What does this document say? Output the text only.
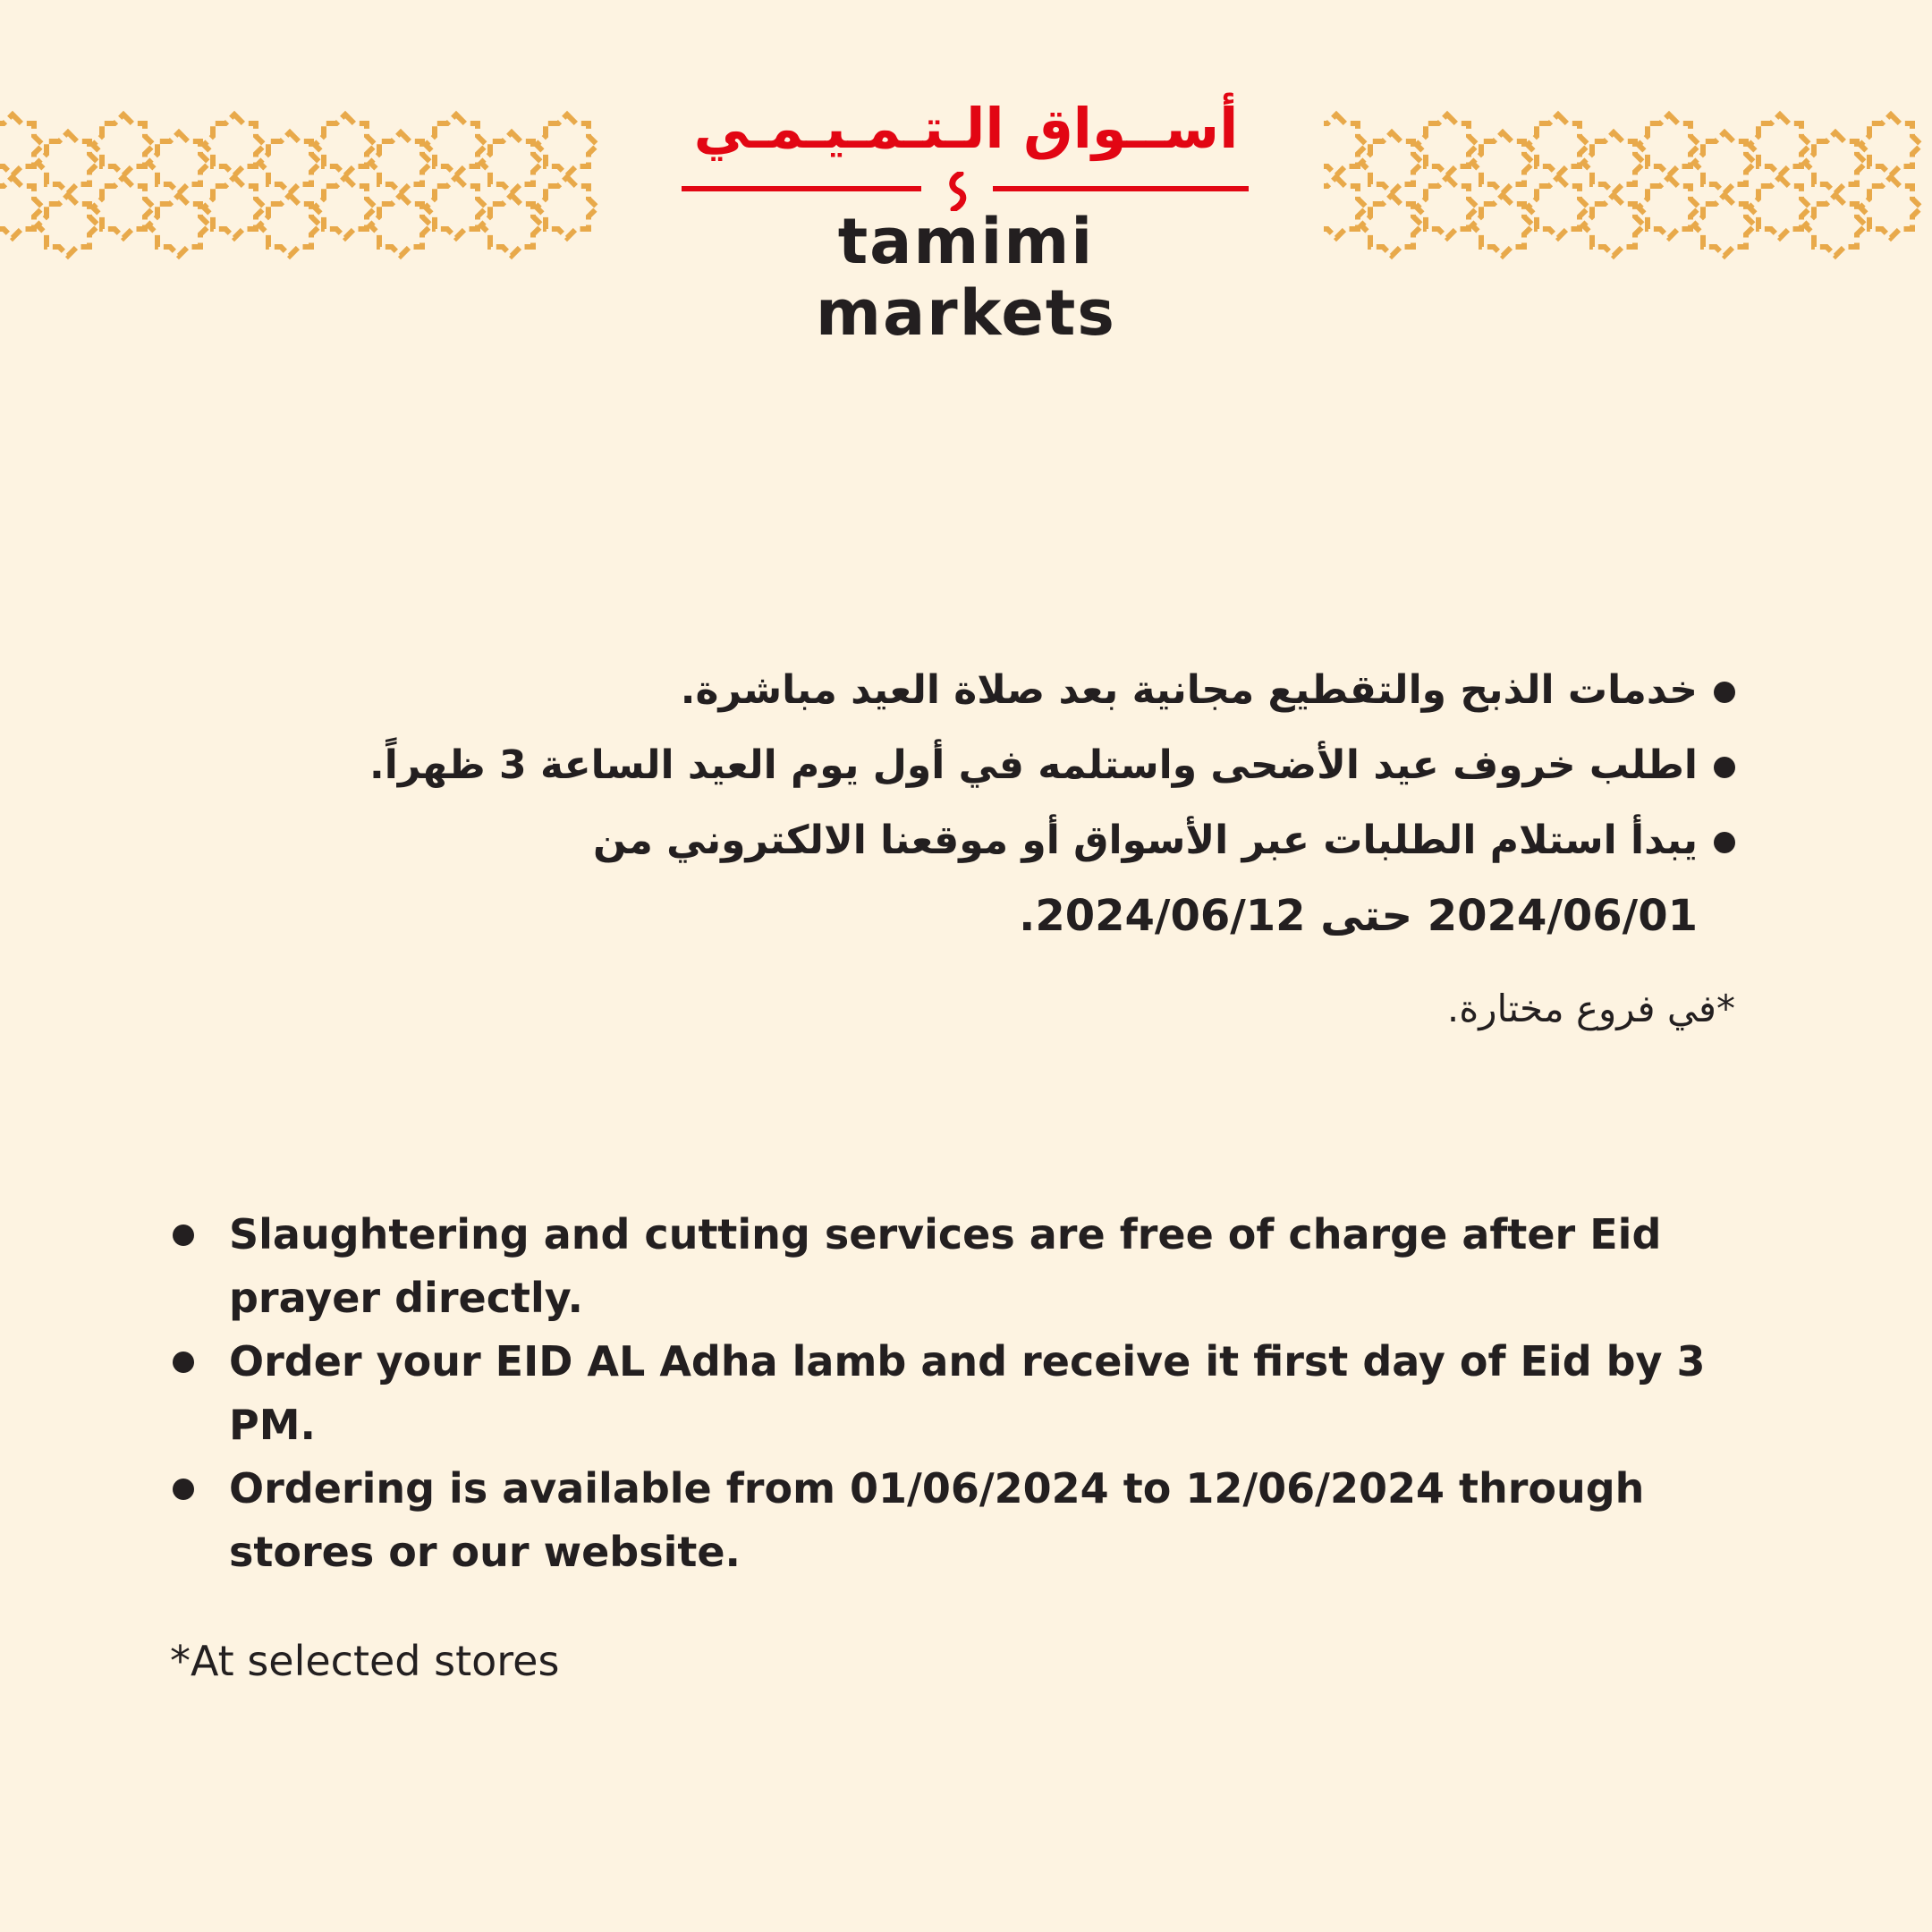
أســواق الـتـمـيـمـي
tamimi markets
خدمات الذبح والتقطيع مجانية بعد صلاة العيد مباشرة.
اطلب خروف عيد الأضحى واستلمه في أول يوم العيد الساعة 3 ظهراً.
يبدأ استلام الطلبات عبر الأسواق أو موقعنا الالكتروني من
2024/06/01 حتى 2024/06/12.
*في فروع مختارة.
Slaughtering and cutting services are free of charge after Eid prayer directly.
Order your EID AL Adha lamb and receive it first day of Eid by 3 PM.
Ordering is available from 01/06/2024 to 12/06/2024 through stores or our website.
*At selected stores
